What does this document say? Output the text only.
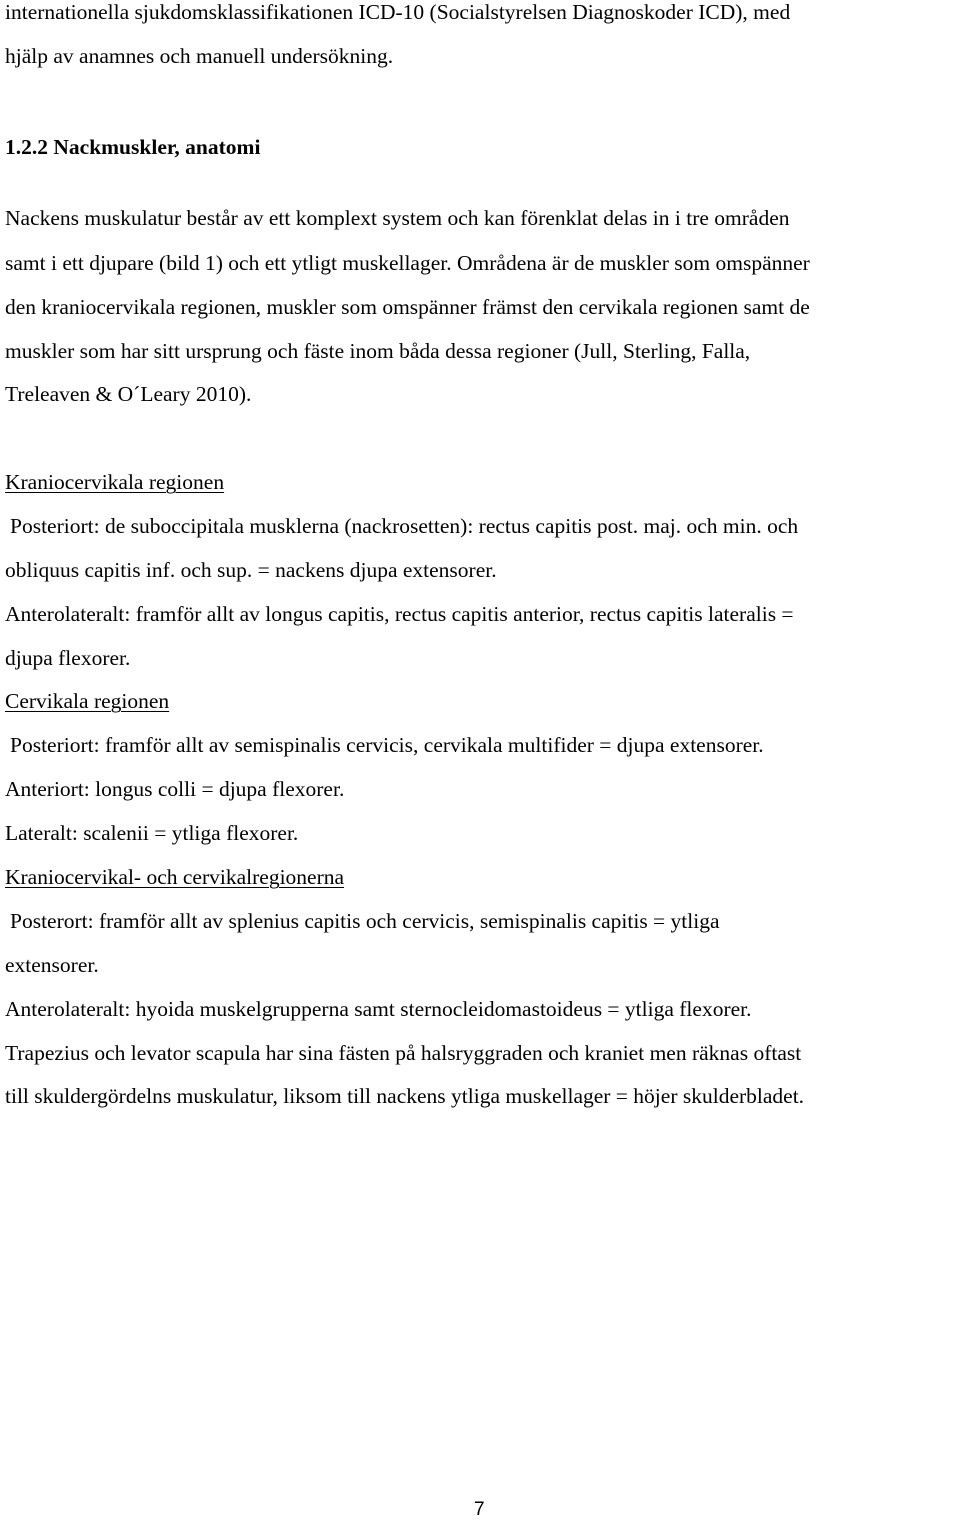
internationella sjukdomsklassifikationen ICD-10 (Socialstyrelsen Diagnoskoder ICD), med
hjälp av anamnes och manuell undersökning.
1.2.2 Nackmuskler, anatomi
Nackens muskulatur består av ett komplext system och kan förenklat delas in i tre områden
samt i ett djupare (bild 1) och ett ytligt muskellager. Områdena är de muskler som omspänner
den kraniocervikala regionen, muskler som omspänner främst den cervikala regionen samt de
muskler som har sitt ursprung och fäste inom båda dessa regioner (Jull, Sterling, Falla,
Treleaven & O´Leary 2010).
Kraniocervikala regionen
Posteriort: de suboccipitala musklerna (nackrosetten): rectus capitis post. maj. och min. och
obliquus capitis inf. och sup. = nackens djupa extensorer.
Anterolateralt: framför allt av longus capitis, rectus capitis anterior, rectus capitis lateralis =
djupa flexorer.
Cervikala regionen
Posteriort: framför allt av semispinalis cervicis, cervikala multifider = djupa extensorer.
Anteriort: longus colli = djupa flexorer.
Lateralt: scalenii = ytliga flexorer.
Kraniocervikal- och cervikalregionerna
Posterort: framför allt av splenius capitis och cervicis, semispinalis capitis = ytliga
extensorer.
Anterolateralt: hyoida muskelgrupperna samt sternocleidomastoideus = ytliga flexorer.
Trapezius och levator scapula har sina fästen på halsryggraden och kraniet men räknas oftast
till skuldergördelns muskulatur, liksom till nackens ytliga muskellager = höjer skulderbladet.
7
